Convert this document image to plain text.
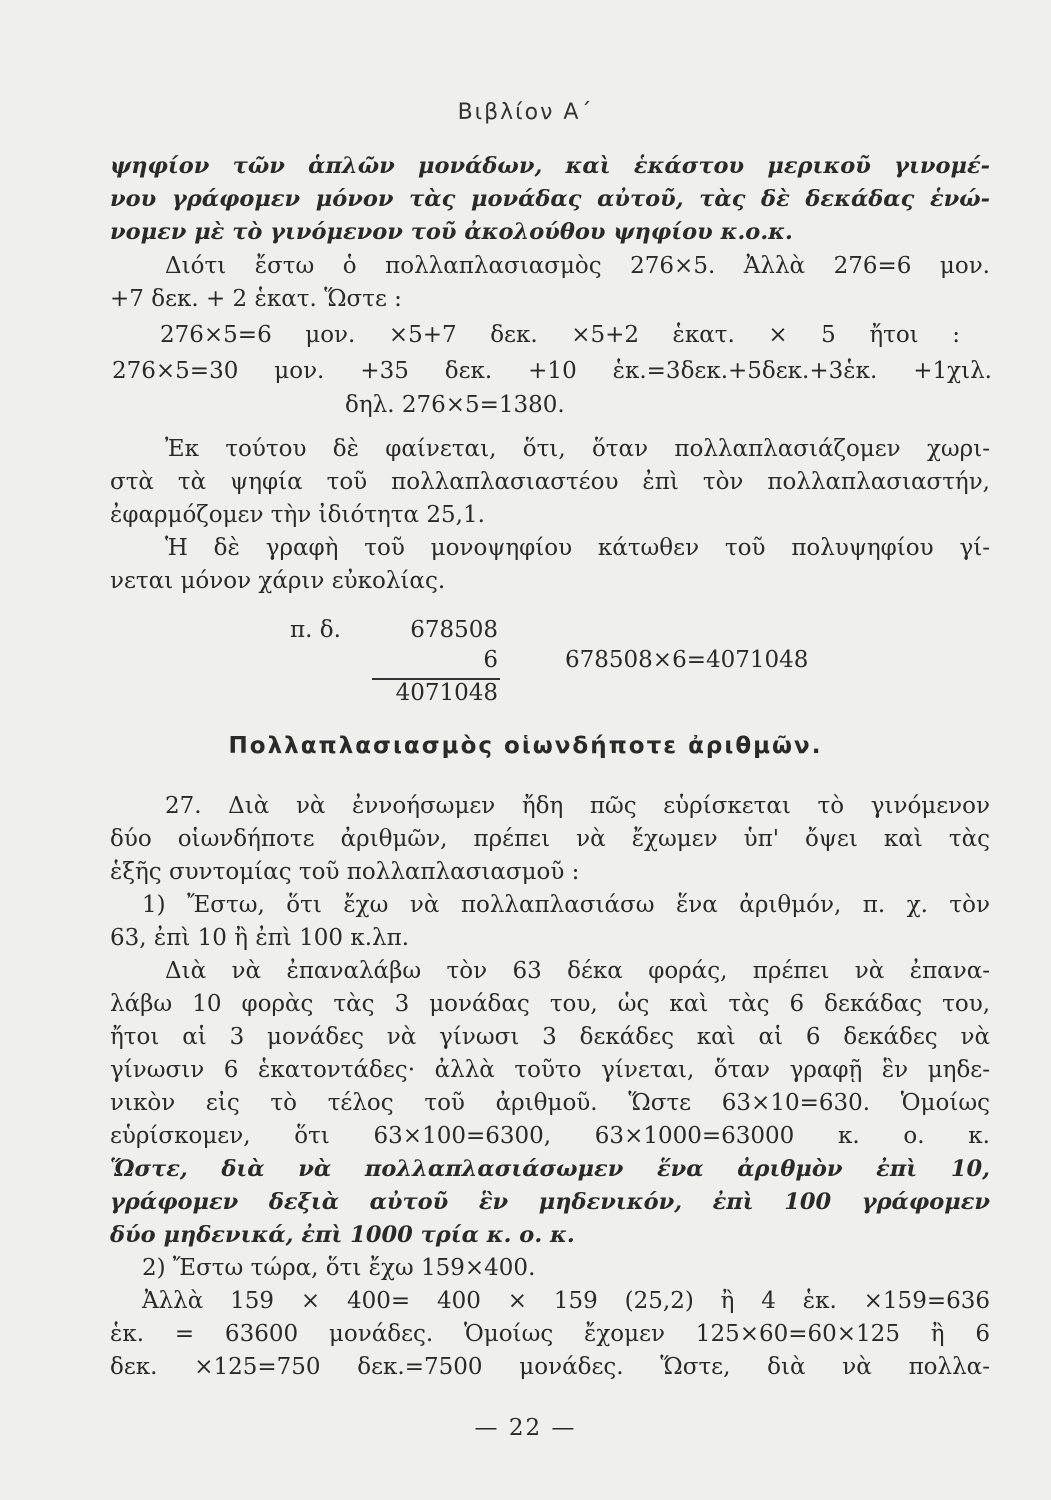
Βιβλίον Α΄
ψηφίον τῶν ἁπλῶν μονάδων, καὶ ἑκάστου μερικοῦ γινομέ-
νου γράφομεν μόνον τὰς μονάδας αὐτοῦ, τὰς δὲ δεκάδας ἑνώ-
νομεν μὲ τὸ γινόμενον τοῦ ἀκολούθου ψηφίου κ.ο.κ.
Διότι ἔστω ὁ πολλαπλασιασμὸς 276×5. Ἀλλὰ 276=6 μον.
+7 δεκ. + 2 ἑκατ. Ὥστε :
276×5=6 μον. ×5+7 δεκ. ×5+2 ἑκατ. × 5 ἤτοι :
276×5=30 μον. +35 δεκ. +10 ἑκ.=3δεκ.+5δεκ.+3ἑκ. +1χιλ.
δηλ. 276×5=1380.
Ἐκ τούτου δὲ φαίνεται, ὅτι, ὅταν πολλαπλασιάζομεν χωρι-
στὰ τὰ ψηφία τοῦ πολλαπλασιαστέου ἐπὶ τὸν πολλαπλασιαστήν,
ἐφαρμόζομεν τὴν ἰδιότητα 25,1.
Ἡ δὲ γραφὴ τοῦ μονοψηφίου κάτωθεν τοῦ πολυψηφίου γί-
νεται μόνον χάριν εὐκολίας.
π. δ.	678508
6
4071048
678508×6=4071048
Πολλαπλασιασμὸς οἱωνδήποτε ἀριθμῶν.
27. Διὰ νὰ ἐννοήσωμεν ἤδη πῶς εὑρίσκεται τὸ γινόμενον
δύο οἱωνδήποτε ἀριθμῶν, πρέπει νὰ ἔχωμεν ὑπ' ὄψει καὶ τὰς
ἑξῆς συντομίας τοῦ πολλαπλασιασμοῦ :
1) Ἔστω, ὅτι ἔχω νὰ πολλαπλασιάσω ἕνα ἀριθμόν, π. χ. τὸν
63, ἐπὶ 10 ἢ ἐπὶ 100 κ.λπ.
Διὰ νὰ ἐπαναλάβω τὸν 63 δέκα φοράς, πρέπει νὰ ἐπανα-
λάβω 10 φορὰς τὰς 3 μονάδας του, ὡς καὶ τὰς 6 δεκάδας του,
ἤτοι αἱ 3 μονάδες νὰ γίνωσι 3 δεκάδες καὶ αἱ 6 δεκάδες νὰ
γίνωσιν 6 ἑκατοντάδες· ἀλλὰ τοῦτο γίνεται, ὅταν γραφῇ ἓν μηδε-
νικὸν εἰς τὸ τέλος τοῦ ἀριθμοῦ. Ὥστε 63×10=630. Ὁμοίως
εὑρίσκομεν, ὅτι 63×100=6300, 63×1000=63000 κ. ο. κ.
Ὥστε, διὰ νὰ πολλαπλασιάσωμεν ἕνα ἀριθμὸν ἐπὶ 10,
γράφομεν δεξιὰ αὐτοῦ ἓν μηδενικόν, ἐπὶ 100 γράφομεν
δύο μηδενικά, ἐπὶ 1000 τρία κ. ο. κ.
2) Ἔστω τώρα, ὅτι ἔχω 159×400.
Ἀλλὰ 159 × 400= 400 × 159 (25,2) ἢ 4 ἑκ. ×159=636
ἑκ. = 63600 μονάδες. Ὁμοίως ἔχομεν 125×60=60×125 ἢ 6
δεκ. ×125=750 δεκ.=7500 μονάδες. Ὥστε, διὰ νὰ πολλα-
— 22 —
